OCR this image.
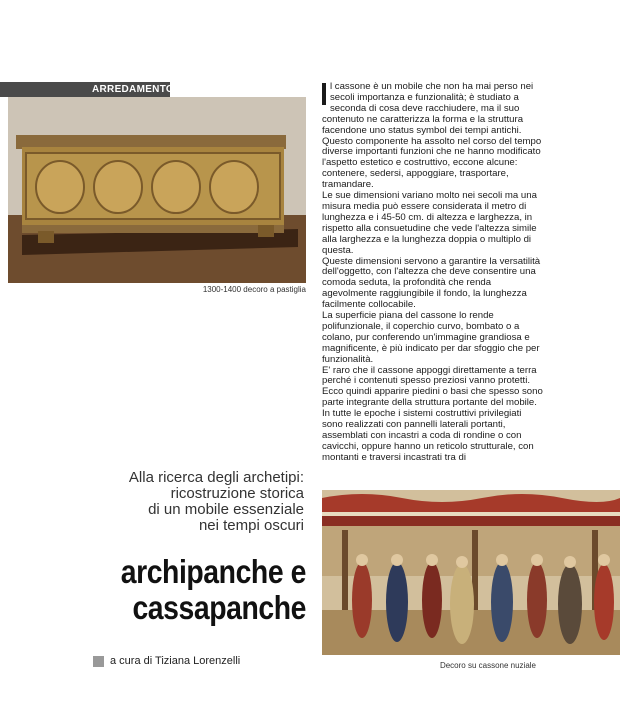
ARREDAMENTO
1300-1400 decoro a pastiglia

l cassone è un mobile che non ha mai perso nei secoli importanza e funzionalità; è studiato a seconda di cosa deve racchiudere, ma il suo contenuto ne caratterizza la forma e la struttura facendone uno status symbol dei tempi antichi.

Questo componente ha assolto nel corso del tempo diverse importanti funzioni che ne hanno modificato l'aspetto estetico e costruttivo, eccone alcune: contenere, sedersi, appoggiare, trasportare, tramandare.

Le sue dimensioni variano molto nei secoli ma una misura media può essere considerata il metro di lunghezza e i 45-50 cm. di altezza e larghezza, in rispetto alla consuetudine che vede l'altezza simile alla larghezza e la lunghezza doppia o multiplo di questa.

Queste dimensioni servono a garantire la versatilità dell'oggetto, con l'altezza che deve consentire una comoda seduta, la profondità che renda agevolmente raggiungibile il fondo, la lunghezza facilmente collocabile.

La superficie piana del cassone lo rende polifunzionale, il coperchio curvo, bombato o a colano, pur conferendo un'immagine grandiosa e magnificente, è più indicato per dar sfoggio che per funzionalità.

E' raro che il cassone appoggi direttamente a terra perché i contenuti spesso preziosi vanno protetti. Ecco quindi apparire piedini o basi che spesso sono parte integrante della struttura portante del mobile.

In tutte le epoche i sistemi costruttivi privilegiati sono realizzati con pannelli laterali portanti, assemblati con incastri a coda di rondine o con cavicchi, oppure hanno un reticolo strutturale, con montanti e traversi incastrati tra di

Alla ricerca degli archetipi:
ricostruzione storica
di un mobile essenziale
nei tempi oscuri
archipanche e
cassapanche
a cura di Tiziana Lorenzelli	Decoro su cassone nuziale
